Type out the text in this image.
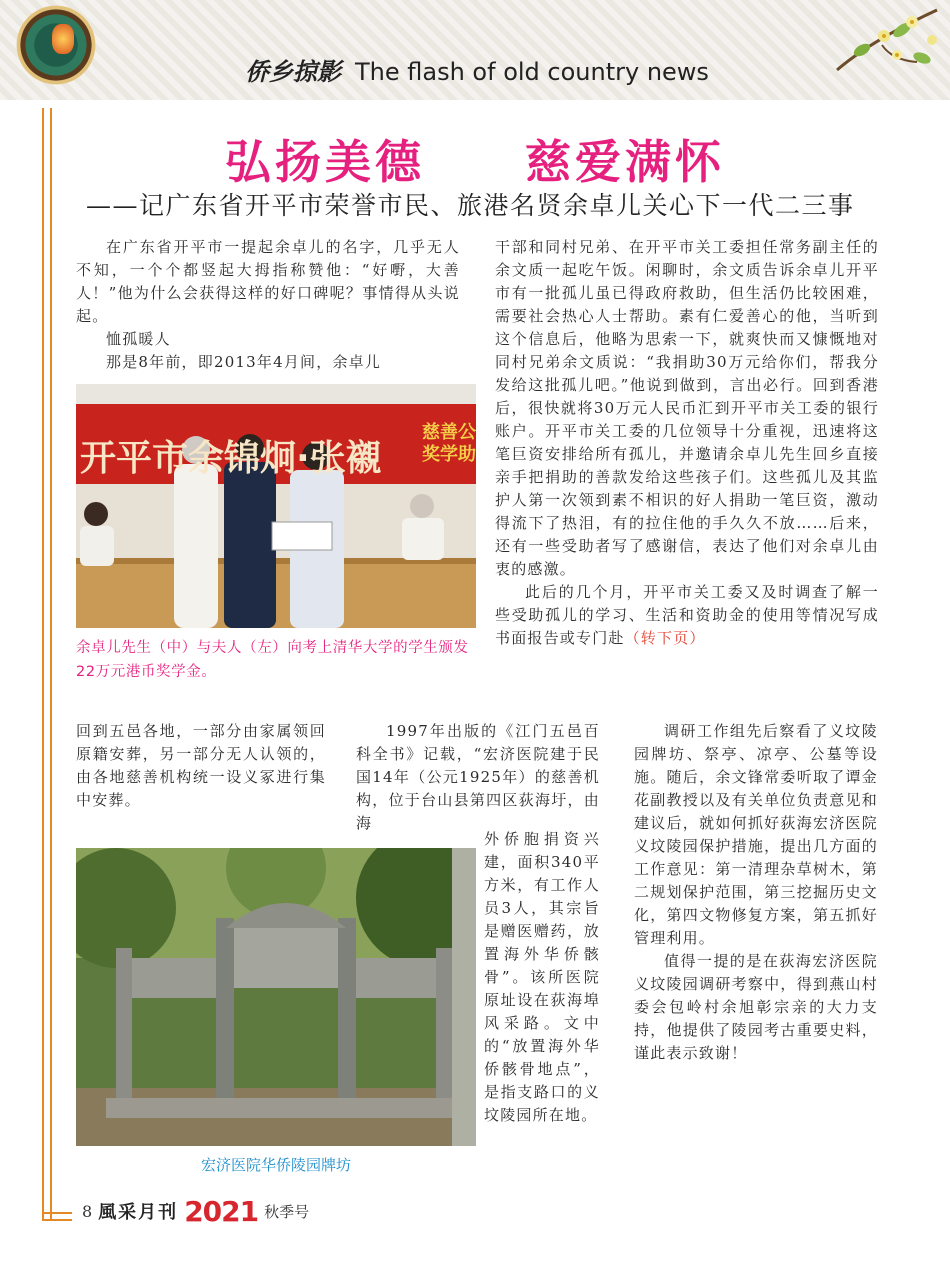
侨乡掠影 The flash of old country news
弘扬美德　　慈爱满怀
——记广东省开平市荣誉市民、旅港名贤余卓儿关心下一代二三事

在广东省开平市一提起余卓儿的名字，几乎无人不知，一个个都竖起大拇指称赞他：“好嘢，大善人！”他为什么会获得这样的好口碑呢？事情得从头说起。

恤孤暖人

那是8年前，即2013年4月间，余卓儿

开平市余锦炯·张襯
慈善公
奖学助
余卓儿先生（中）与夫人（左）向考上清华大学的学生颁发22万元港币奖学金。

干部和同村兄弟、在开平市关工委担任常务副主任的余文质一起吃午饭。闲聊时，余文质告诉余卓儿开平市有一批孤儿虽已得政府救助，但生活仍比较困难，需要社会热心人士帮助。素有仁爱善心的他，当听到这个信息后，他略为思索一下，就爽快而又慷慨地对同村兄弟余文质说：“我捐助30万元给你们，帮我分发给这批孤儿吧。”他说到做到，言出必行。回到香港后，很快就将30万元人民币汇到开平市关工委的银行账户。开平市关工委的几位领导十分重视，迅速将这笔巨资安排给所有孤儿，并邀请余卓儿先生回乡直接亲手把捐助的善款发给这些孩子们。这些孤儿及其监护人第一次领到素不相识的好人捐助一笔巨资，激动得流下了热泪，有的拉住他的手久久不放……后来，还有一些受助者写了感谢信，表达了他们对余卓儿由衷的感激。

此后的几个月，开平市关工委又及时调查了解一些受助孤儿的学习、生活和资助金的使用等情况写成书面报告或专门赴（转下页）

回到五邑各地，一部分由家属领回原籍安葬，另一部分无人认领的，由各地慈善机构统一设义冢进行集中安葬。

1997年出版的《江门五邑百科全书》记载，“宏济医院建于民国14年（公元1925年）的慈善机构，位于台山县第四区荻海圩，由海

外侨胞捐资兴建，面积340平方米，有工作人员3人，其宗旨是赠医赠药，放置海外华侨骸骨”。该所医院原址设在荻海埠风采路。文中的“放置海外华侨骸骨地点”，是指支路口的义坟陵园所在地。

宏济医院华侨陵园牌坊

调研工作组先后察看了义坟陵园牌坊、祭亭、凉亭、公墓等设施。随后，余文锋常委听取了谭金花副教授以及有关单位负责意见和建议后，就如何抓好荻海宏济医院义坟陵园保护措施，提出几方面的工作意见：第一清理杂草树木，第二规划保护范围，第三挖掘历史文化，第四文物修复方案，第五抓好管理利用。

值得一提的是在荻海宏济医院义坟陵园调研考察中，得到燕山村委会包岭村余旭彰宗亲的大力支持，他提供了陵园考古重要史料，谨此表示致谢！

8 風采月刊 2021 秋季号
